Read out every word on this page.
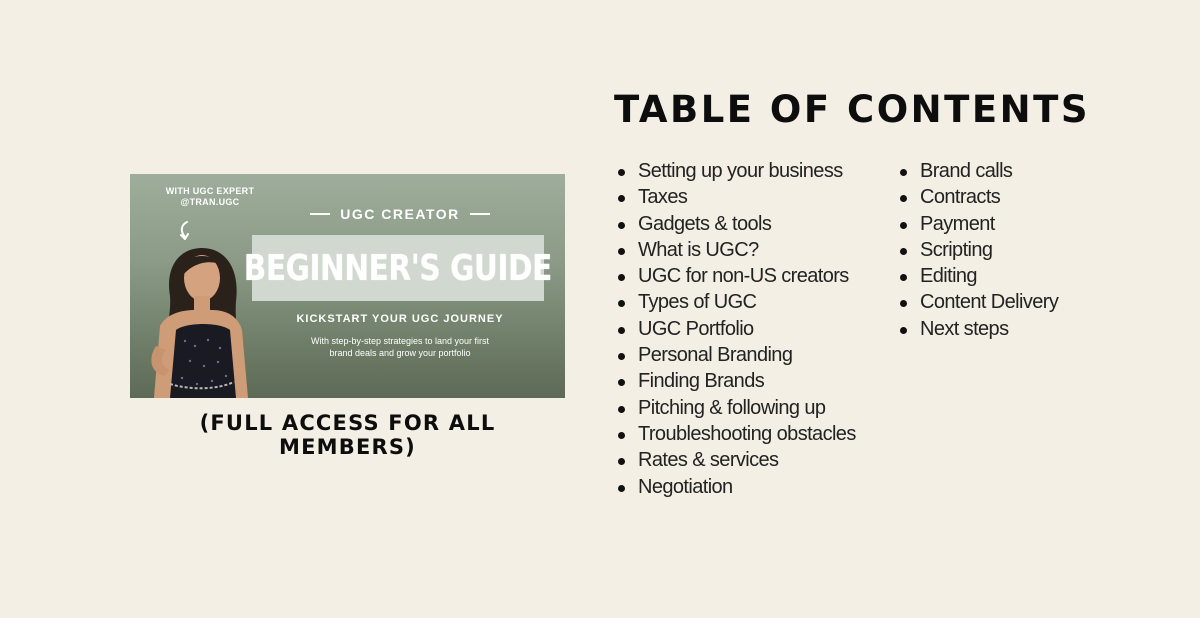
WITH UGC EXPERT
@TRAN.UGC
UGC CREATOR
BEGINNER'S GUIDE
KICKSTART YOUR UGC JOURNEY
With step-by-step strategies to land your first
brand deals and grow your portfolio
(FULL ACCESS FOR ALL MEMBERS)
TABLE OF CONTENTS
Setting up your business
Taxes
Gadgets & tools
What is UGC?
UGC for non-US creators
Types of UGC
UGC Portfolio
Personal Branding
Finding Brands
Pitching & following up
Troubleshooting obstacles
Rates & services
Negotiation
Brand calls
Contracts
Payment
Scripting
Editing
Content Delivery
Next steps
